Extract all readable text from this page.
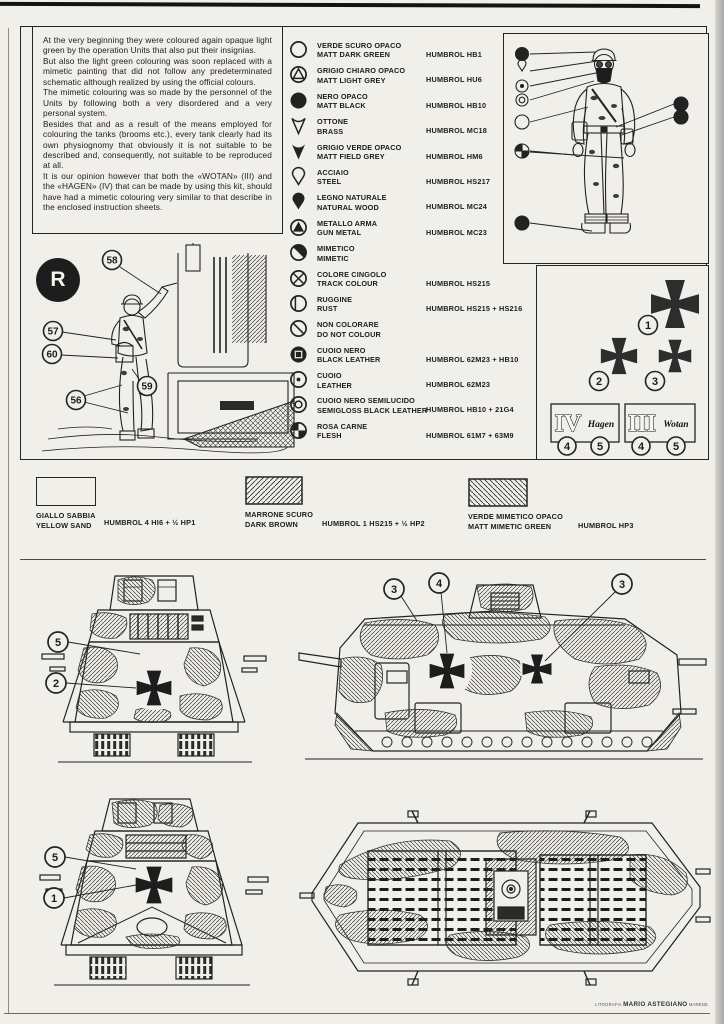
At the very beginning they were coloured again opaque light green by the operation Units that also put their insignias.

But also the light green colouring was soon replaced with a mimetic painting that did not follow any predeterminated schematic although realized by using the official colours.

The mimetic colouring was so made by the personnel of the Units by following both a very disordered and a very personal system.

Besides that and as a result of the means employed for colouring the tanks (brooms etc.), every tank clearly had its own physiognomy that obviously it is not suitable to be described and, consequently, not suitable to be reproduced at all.

It is our opinion however that both the «WOTAN» (III) and the «HAGEN» (IV) that can be made by using this kit, should have had a mimetic colouring very similar to that describe in the enclosed instruction sheets.

VERDE SCURO OPACO
MATT DARK GREEN	HUMBROL HB1
GRIGIO CHIARO OPACO
MATT LIGHT GREY	HUMBROL HU6
NERO OPACO
MATT BLACK	HUMBROL HB10
OTTONE
BRASS	HUMBROL MC18
GRIGIO VERDE OPACO
MATT FIELD GREY	HUMBROL HM6
ACCIAIO
STEEL	HUMBROL HS217
LEGNO NATURALE
NATURAL WOOD	HUMBROL MC24
METALLO ARMA
GUN METAL	HUMBROL MC23
MIMETICO
MIMETIC
COLORE CINGOLO
TRACK COLOUR	HUMBROL HS215
RUGGINE
RUST	HUMBROL HS215 + HS216
NON COLORARE
DO NOT COLOUR
CUOIO NERO
BLACK LEATHER	HUMBROL 62M23 + HB10
CUOIO
LEATHER	HUMBROL 62M23
CUOIO NERO SEMILUCIDO
SEMIGLOSS BLACK LEATHER
HUMBROL HB10 + 21G4
ROSA CARNE
FLESH	HUMBROL 61M7 + 63M9
R
58
57
60
59
56
1
2	3
IV Hagen
4 5
III Wotan
4	5
GIALLO SABBIA
YELLOW SAND	HUMBROL 4 HI6 + ½ HP1
MARRONE SCURO
DARK BROWN	HUMBROL 1 HS215 + ½ HP2
VERDE MIMETICO OPACO
MATT MIMETIC GREEN	HUMBROL HP3
5
2
3	4	3
5
1
LITOGRAFIA MARIO ASTEGIANO MARENE
